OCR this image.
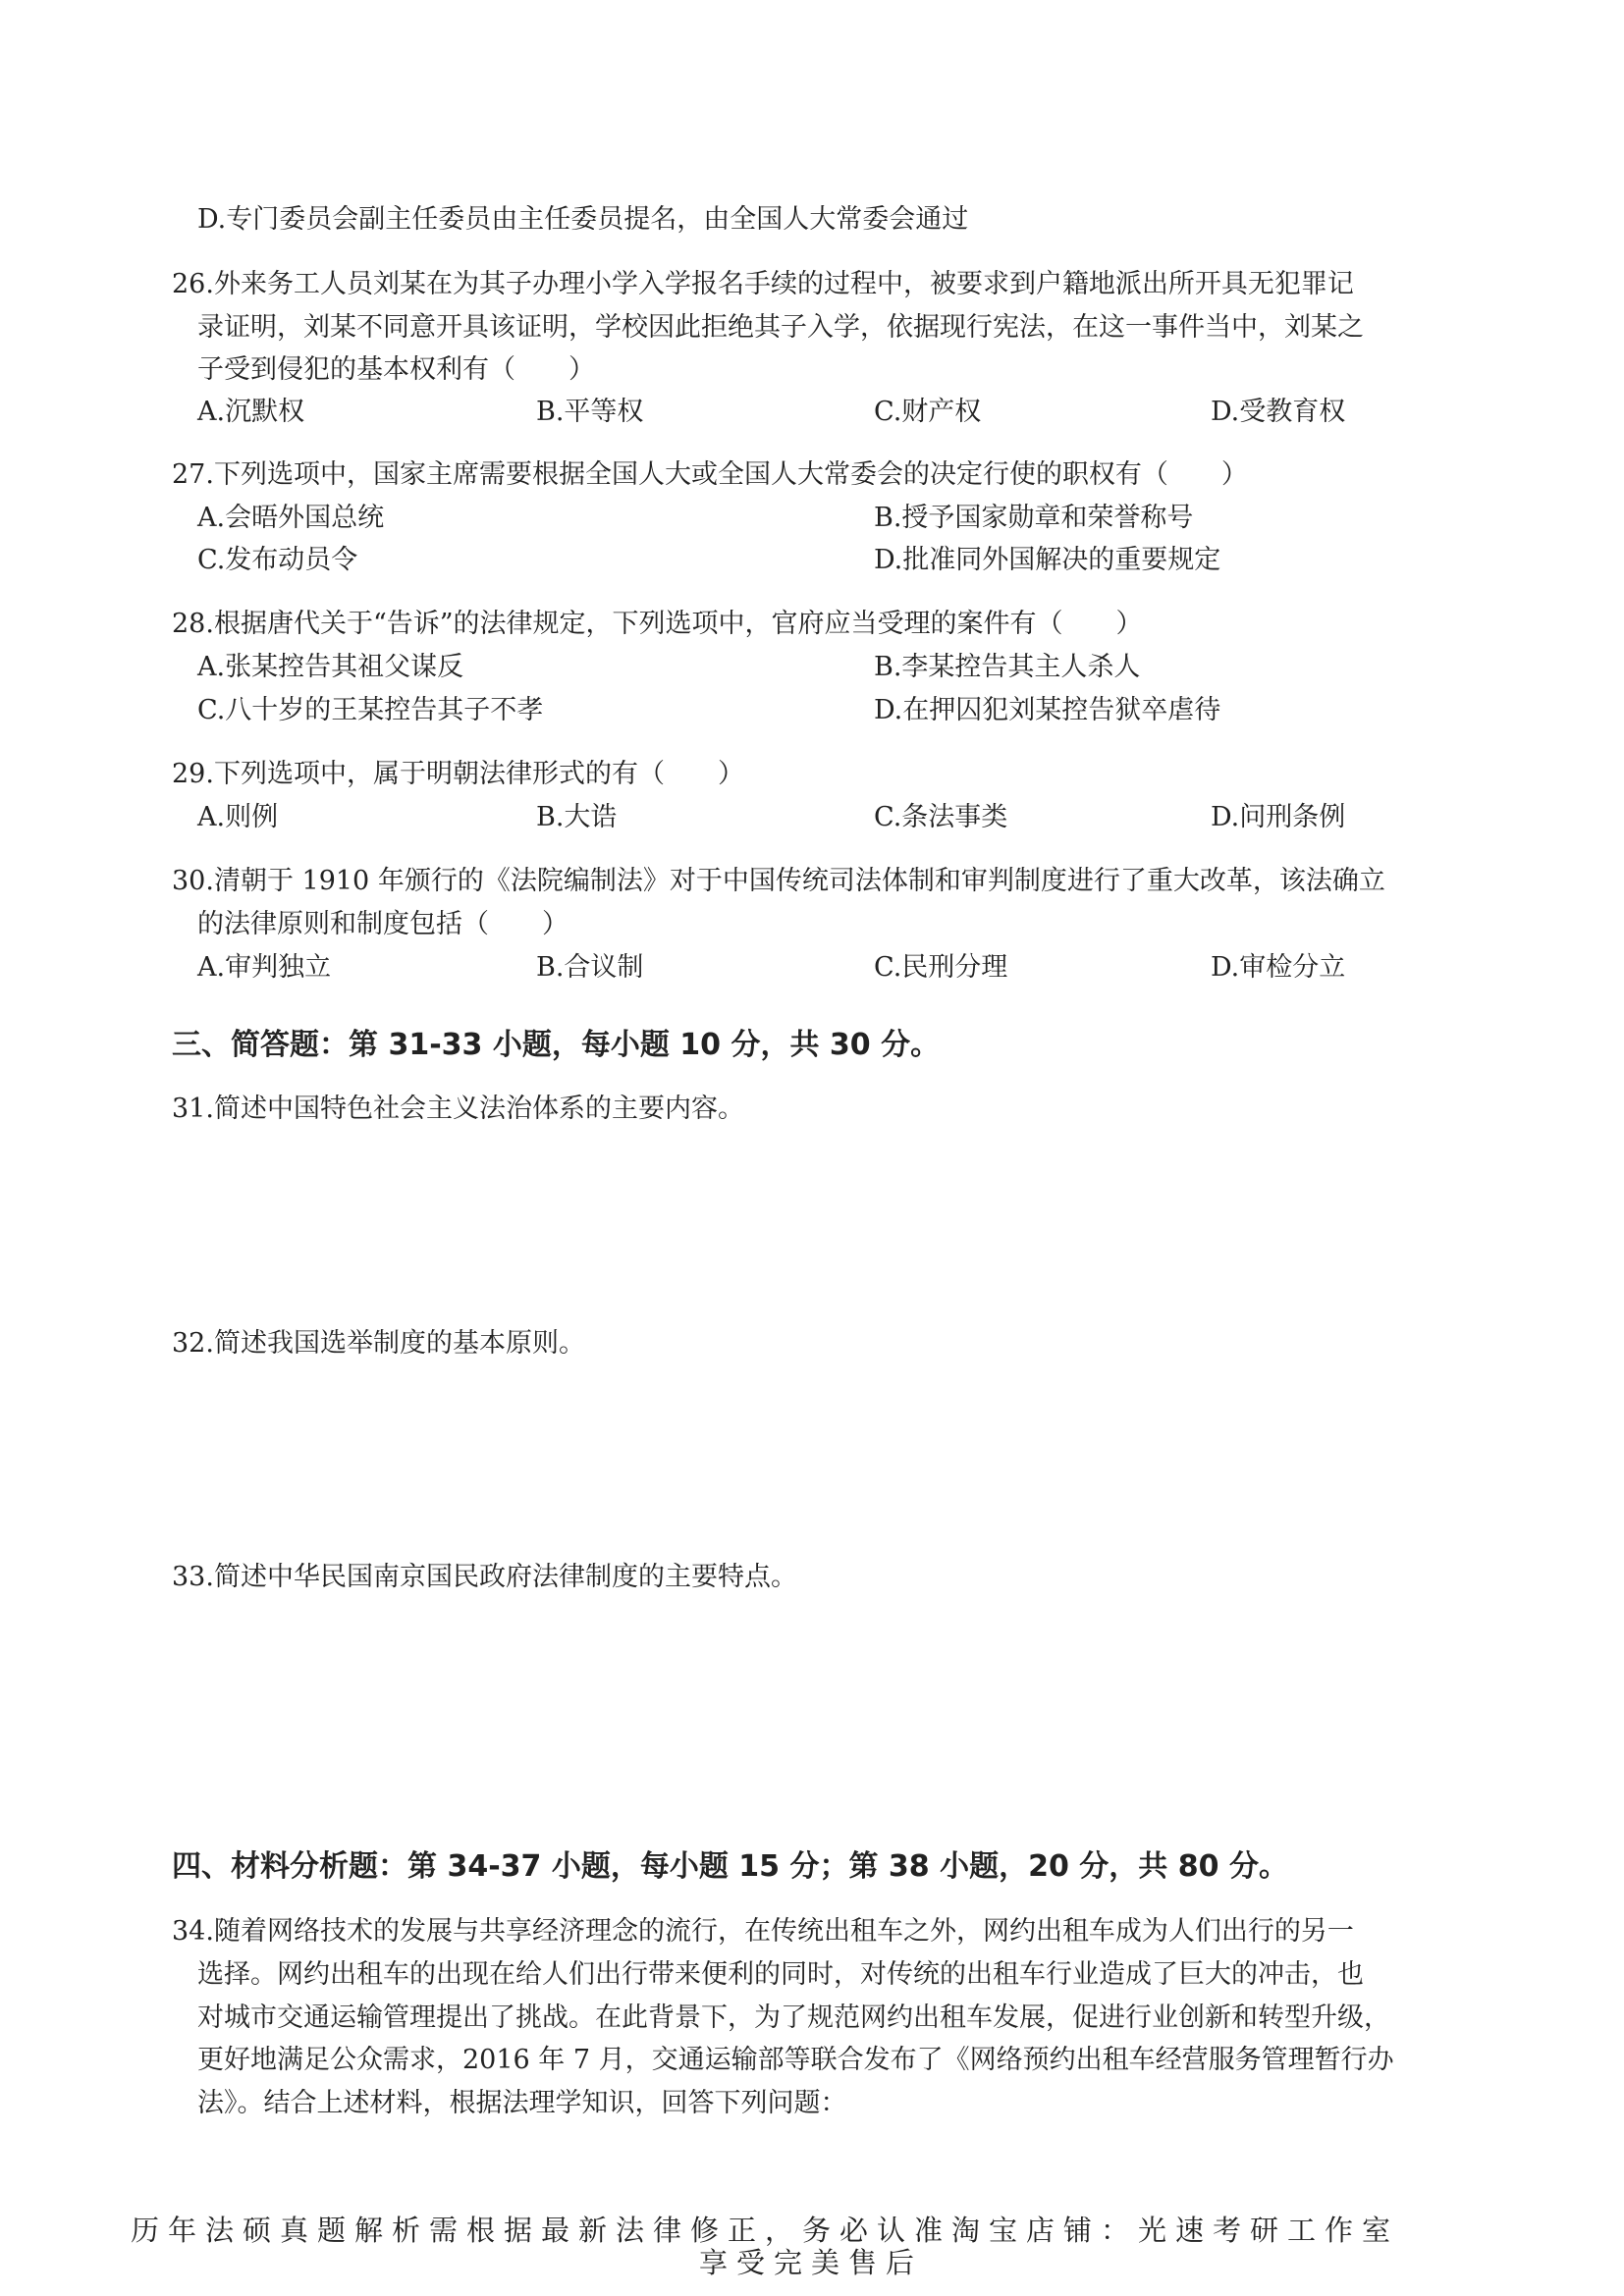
D.专门委员会副主任委员由主任委员提名，由全国人大常委会通过
26.外来务工人员刘某在为其子办理小学入学报名手续的过程中，被要求到户籍地派出所开具无犯罪记
录证明，刘某不同意开具该证明，学校因此拒绝其子入学，依据现行宪法，在这一事件当中，刘某之
子受到侵犯的基本权利有（　　）
A.沉默权	B.平等权	C.财产权	D.受教育权
27.下列选项中，国家主席需要根据全国人大或全国人大常委会的决定行使的职权有（　　）
A.会晤外国总统	B.授予国家勋章和荣誉称号
C.发布动员令	D.批准同外国解决的重要规定
28.根据唐代关于“告诉”的法律规定，下列选项中，官府应当受理的案件有（　　）
A.张某控告其祖父谋反	B.李某控告其主人杀人
C.八十岁的王某控告其子不孝	D.在押囚犯刘某控告狱卒虐待
29.下列选项中，属于明朝法律形式的有（　　）
A.则例	B.大诰	C.条法事类	D.问刑条例
30.清朝于 1910 年颁行的《法院编制法》对于中国传统司法体制和审判制度进行了重大改革，该法确立
的法律原则和制度包括（　　）
A.审判独立	B.合议制	C.民刑分理	D.审检分立
三、简答题：第 31-33 小题，每小题 10 分，共 30 分。
31.简述中国特色社会主义法治体系的主要内容。
32.简述我国选举制度的基本原则。
33.简述中华民国南京国民政府法律制度的主要特点。
四、材料分析题：第 34-37 小题，每小题 15 分；第 38 小题，20 分，共 80 分。
34.随着网络技术的发展与共享经济理念的流行，在传统出租车之外，网约出租车成为人们出行的另一
选择。网约出租车的出现在给人们出行带来便利的同时，对传统的出租车行业造成了巨大的冲击，也
对城市交通运输管理提出了挑战。在此背景下，为了规范网约出租车发展，促进行业创新和转型升级，
更好地满足公众需求，2016 年 7 月，交通运输部等联合发布了《网络预约出租车经营服务管理暂行办
法》。结合上述材料，根据法理学知识，回答下列问题：
历年法硕真题解析需根据最新法律修正，务必认准淘宝店铺：光速考研工作室
享受完美售后
